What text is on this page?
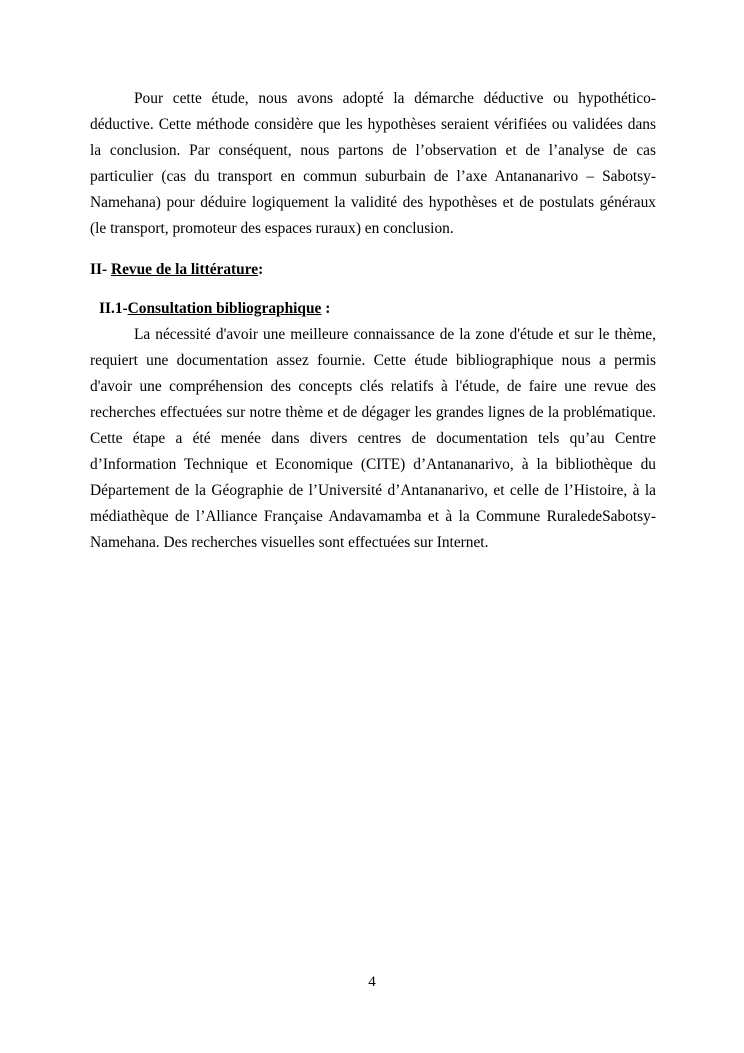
Pour cette étude, nous avons adopté la démarche déductive ou hypothético-déductive. Cette méthode considère que les hypothèses seraient vérifiées ou validées dans la conclusion. Par conséquent, nous partons de l’observation et de l’analyse de cas particulier (cas du transport en commun suburbain de l’axe Antananarivo – Sabotsy-Namehana) pour déduire logiquement la validité des hypothèses et de postulats généraux (le transport, promoteur des espaces ruraux) en conclusion.

II- Revue de la littérature:

II.1-Consultation bibliographique :

La nécessité d'avoir une meilleure connaissance de la zone d'étude et sur le thème, requiert une documentation assez fournie. Cette étude bibliographique nous a permis d'avoir une compréhension des concepts clés relatifs à l'étude, de faire une revue des recherches effectuées sur notre thème et de dégager les grandes lignes de la problématique. Cette étape a été menée dans divers centres de documentation tels qu’au Centre d’Information Technique et Economique (CITE) d’Antananarivo, à la bibliothèque du Département de la Géographie de l’Université d’Antananarivo, et celle de l’Histoire, à la médiathèque de l’Alliance Française Andavamamba et à la Commune RuraledeSabotsy-Namehana. Des recherches visuelles sont effectuées sur Internet.

4
